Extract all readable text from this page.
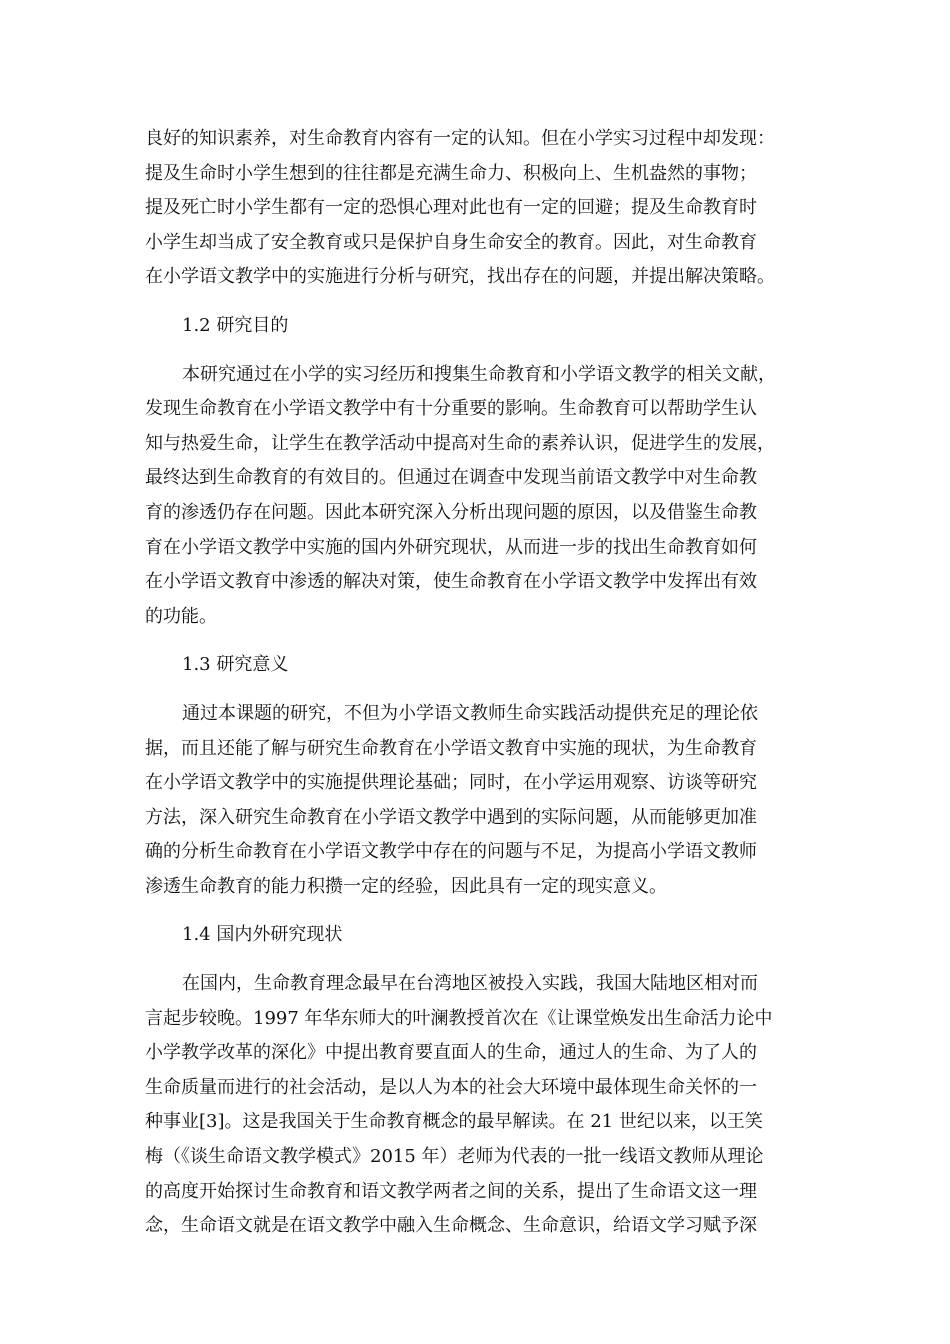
良好的知识素养，对生命教育内容有一定的认知。但在小学实习过程中却发现：
提及生命时小学生想到的往往都是充满生命力、积极向上、生机盎然的事物；
提及死亡时小学生都有一定的恐惧心理对此也有一定的回避；提及生命教育时
小学生却当成了安全教育或只是保护自身生命安全的教育。因此，对生命教育
在小学语文教学中的实施进行分析与研究，找出存在的问题，并提出解决策略。
1.2 研究目的
本研究通过在小学的实习经历和搜集生命教育和小学语文教学的相关文献，
发现生命教育在小学语文教学中有十分重要的影响。生命教育可以帮助学生认
知与热爱生命，让学生在教学活动中提高对生命的素养认识，促进学生的发展，
最终达到生命教育的有效目的。但通过在调查中发现当前语文教学中对生命教
育的渗透仍存在问题。因此本研究深入分析出现问题的原因，以及借鉴生命教
育在小学语文教学中实施的国内外研究现状，从而进一步的找出生命教育如何
在小学语文教育中渗透的解决对策，使生命教育在小学语文教学中发挥出有效
的功能。
1.3 研究意义
通过本课题的研究，不但为小学语文教师生命实践活动提供充足的理论依
据，而且还能了解与研究生命教育在小学语文教育中实施的现状，为生命教育
在小学语文教学中的实施提供理论基础；同时，在小学运用观察、访谈等研究
方法，深入研究生命教育在小学语文教学中遇到的实际问题，从而能够更加准
确的分析生命教育在小学语文教学中存在的问题与不足，为提高小学语文教师
渗透生命教育的能力积攒一定的经验，因此具有一定的现实意义。
1.4 国内外研究现状
在国内，生命教育理念最早在台湾地区被投入实践，我国大陆地区相对而
言起步较晚。1997 年华东师大的叶澜教授首次在《让课堂焕发出生命活力论中
小学教学改革的深化》中提出教育要直面人的生命，通过人的生命、为了人的
生命质量而进行的社会活动，是以人为本的社会大环境中最体现生命关怀的一
种事业[3]。这是我国关于生命教育概念的最早解读。在 21 世纪以来，以王笑
梅（《谈生命语文教学模式》2015 年）老师为代表的一批一线语文教师从理论
的高度开始探讨生命教育和语文教学两者之间的关系，提出了生命语文这一理
念，生命语文就是在语文教学中融入生命概念、生命意识，给语文学习赋予深
